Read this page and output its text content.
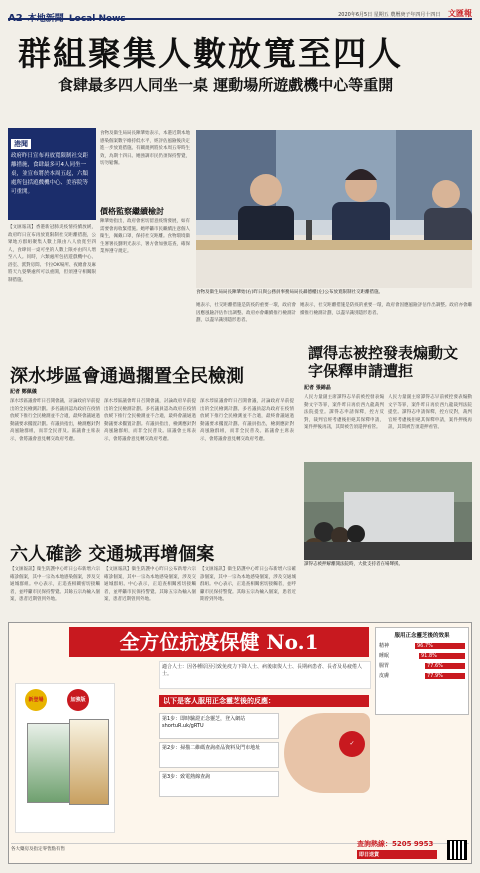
A2 本地新聞 Local News	2020年6月5日 星期五 農曆庚子年四月十四日 文匯報
群組聚集人數放寬至四人
食肆最多四人同坐一桌 運動場所遊戲機中心等重開
港聞

政府昨日宣布再放寬限制社交距離措施，食肆最多可4人同坐一桌，並宣布將於本周五起，六類處所包括遊戲機中心、美容院等可重開。

【文匯報訊】香港新冠肺炎疫情持續放緩，政府昨日宣布再放寬限制社交距離措施，公眾地方群組聚集人數上限由八人放寬至四人，食肆同一桌可坐的人數上限亦由四人增至八人。同時，六類處所包括遊戲機中心、浴室、派對房間、卡拉OK場所、夜總會及麻將天九耍樂處所可以重開，但須遵守相關限制措施。
食物及衞生局局長陳肇始表示，本港近期本地感染個案數字維持低水平，經評估風險後決定進一步放寬措施。有關規例將於本周五零時生效，為期十四日。她強調市民仍須保持警覺，切勿鬆懈。
價格監察繼續檢討
陳肇始指出，政府會密切留意疫情發展，如有需要會再收緊措施。她呼籲市民繼續注意個人衞生，佩戴口罩，保持社交距離。食物環境衞生署署長劉明光表示，署方會加強巡查，確保業界遵守規定。
食物及衞生局局長陳肇始(右)昨日與公務員事務局局長聶德權(左)公布放寬限制社交距離措施。
她表示，社交距離措施是防疫的重要一環，政府會因應風險評估作出調整。政府亦會繼續推行檢測計劃，以盡早識別隱形患者。
她表示，社交距離措施是防疫的重要一環，政府會因應風險評估作出調整。政府亦會繼續推行檢測計劃，以盡早識別隱形患者。
深水埗區會通過擱置全民檢測
記者 鄭佩儀
深水埗區議會昨日召開會議，討論政府早前提出的全民檢測計劃。多名議員認為政府在疫情放緩下推行全民檢測並不合適，最終會議通過動議要求擱置計劃。有議員指出，檢測應針對高風險群組，而非全民普及。區議會主席表示，會將議會意見轉交政府考慮。
深水埗區議會昨日召開會議，討論政府早前提出的全民檢測計劃。多名議員認為政府在疫情放緩下推行全民檢測並不合適，最終會議通過動議要求擱置計劃。有議員指出，檢測應針對高風險群組，而非全民普及。區議會主席表示，會將議會意見轉交政府考慮。
深水埗區議會昨日召開會議，討論政府早前提出的全民檢測計劃。多名議員認為政府在疫情放緩下推行全民檢測並不合適，最終會議通過動議要求擱置計劃。有議員指出，檢測應針對高風險群組，而非全民普及。區議會主席表示，會將議會意見轉交政府考慮。
譚得志被控發表煽動文字保釋申請遭拒
記者 張錦晶
人民力量副主席譚得志早前被控發表煽動文字等罪，案件昨日再於西九龍裁判法院提堂。譚得志申請保釋，控方反對，裁判官經考慮後拒絕其保釋申請，案件押後再訊，其間被告須還押看管。
人民力量副主席譚得志早前被控發表煽動文字等罪，案件昨日再於西九龍裁判法院提堂。譚得志申請保釋，控方反對，裁判官經考慮後拒絕其保釋申請，案件押後再訊，其間被告須還押看管。
譚得志被押解離開法院時，大批支持者在場聲援。
六人確診 交通城再增個案
【文匯報訊】衞生防護中心昨日公布新增六宗確診個案，其中一宗為本地感染個案，涉及交通城群組。中心表示，正追查相關密切接觸者，並呼籲市民保持警覺。其餘五宗為輸入個案，患者近期曾到外地。
【文匯報訊】衞生防護中心昨日公布新增六宗確診個案，其中一宗為本地感染個案，涉及交通城群組。中心表示，正追查相關密切接觸者，並呼籲市民保持警覺。其餘五宗為輸入個案，患者近期曾到外地。
【文匯報訊】衞生防護中心昨日公布新增六宗確診個案，其中一宗為本地感染個案，涉及交通城群組。中心表示，正追查相關密切接觸者，並呼籲市民保持警覺。其餘五宗為輸入個案，患者近期曾到外地。
全方位抗疫保健 No.1
新登場	加強版
適合人士：因各種原因引致免疫力下降人士、病後康復人士、長期病患者、長者及易疲倦人士。
以下是客人服用正念靈芝後的反應：
第1步：即時驗證正念靈芝，登入網站 shortuR.uk/gRTU
第2步：掃描二維碼查詢產品資料及門市地址
第3步：致電熱線查詢
✓
服用正念靈芝後的效果
精神	96.7%
睡眠	91.8%
腸胃	77.6%
皮膚	77.9%
各大藥房及指定零售點有售
查詢熱線：5205 9953
即日送貨
